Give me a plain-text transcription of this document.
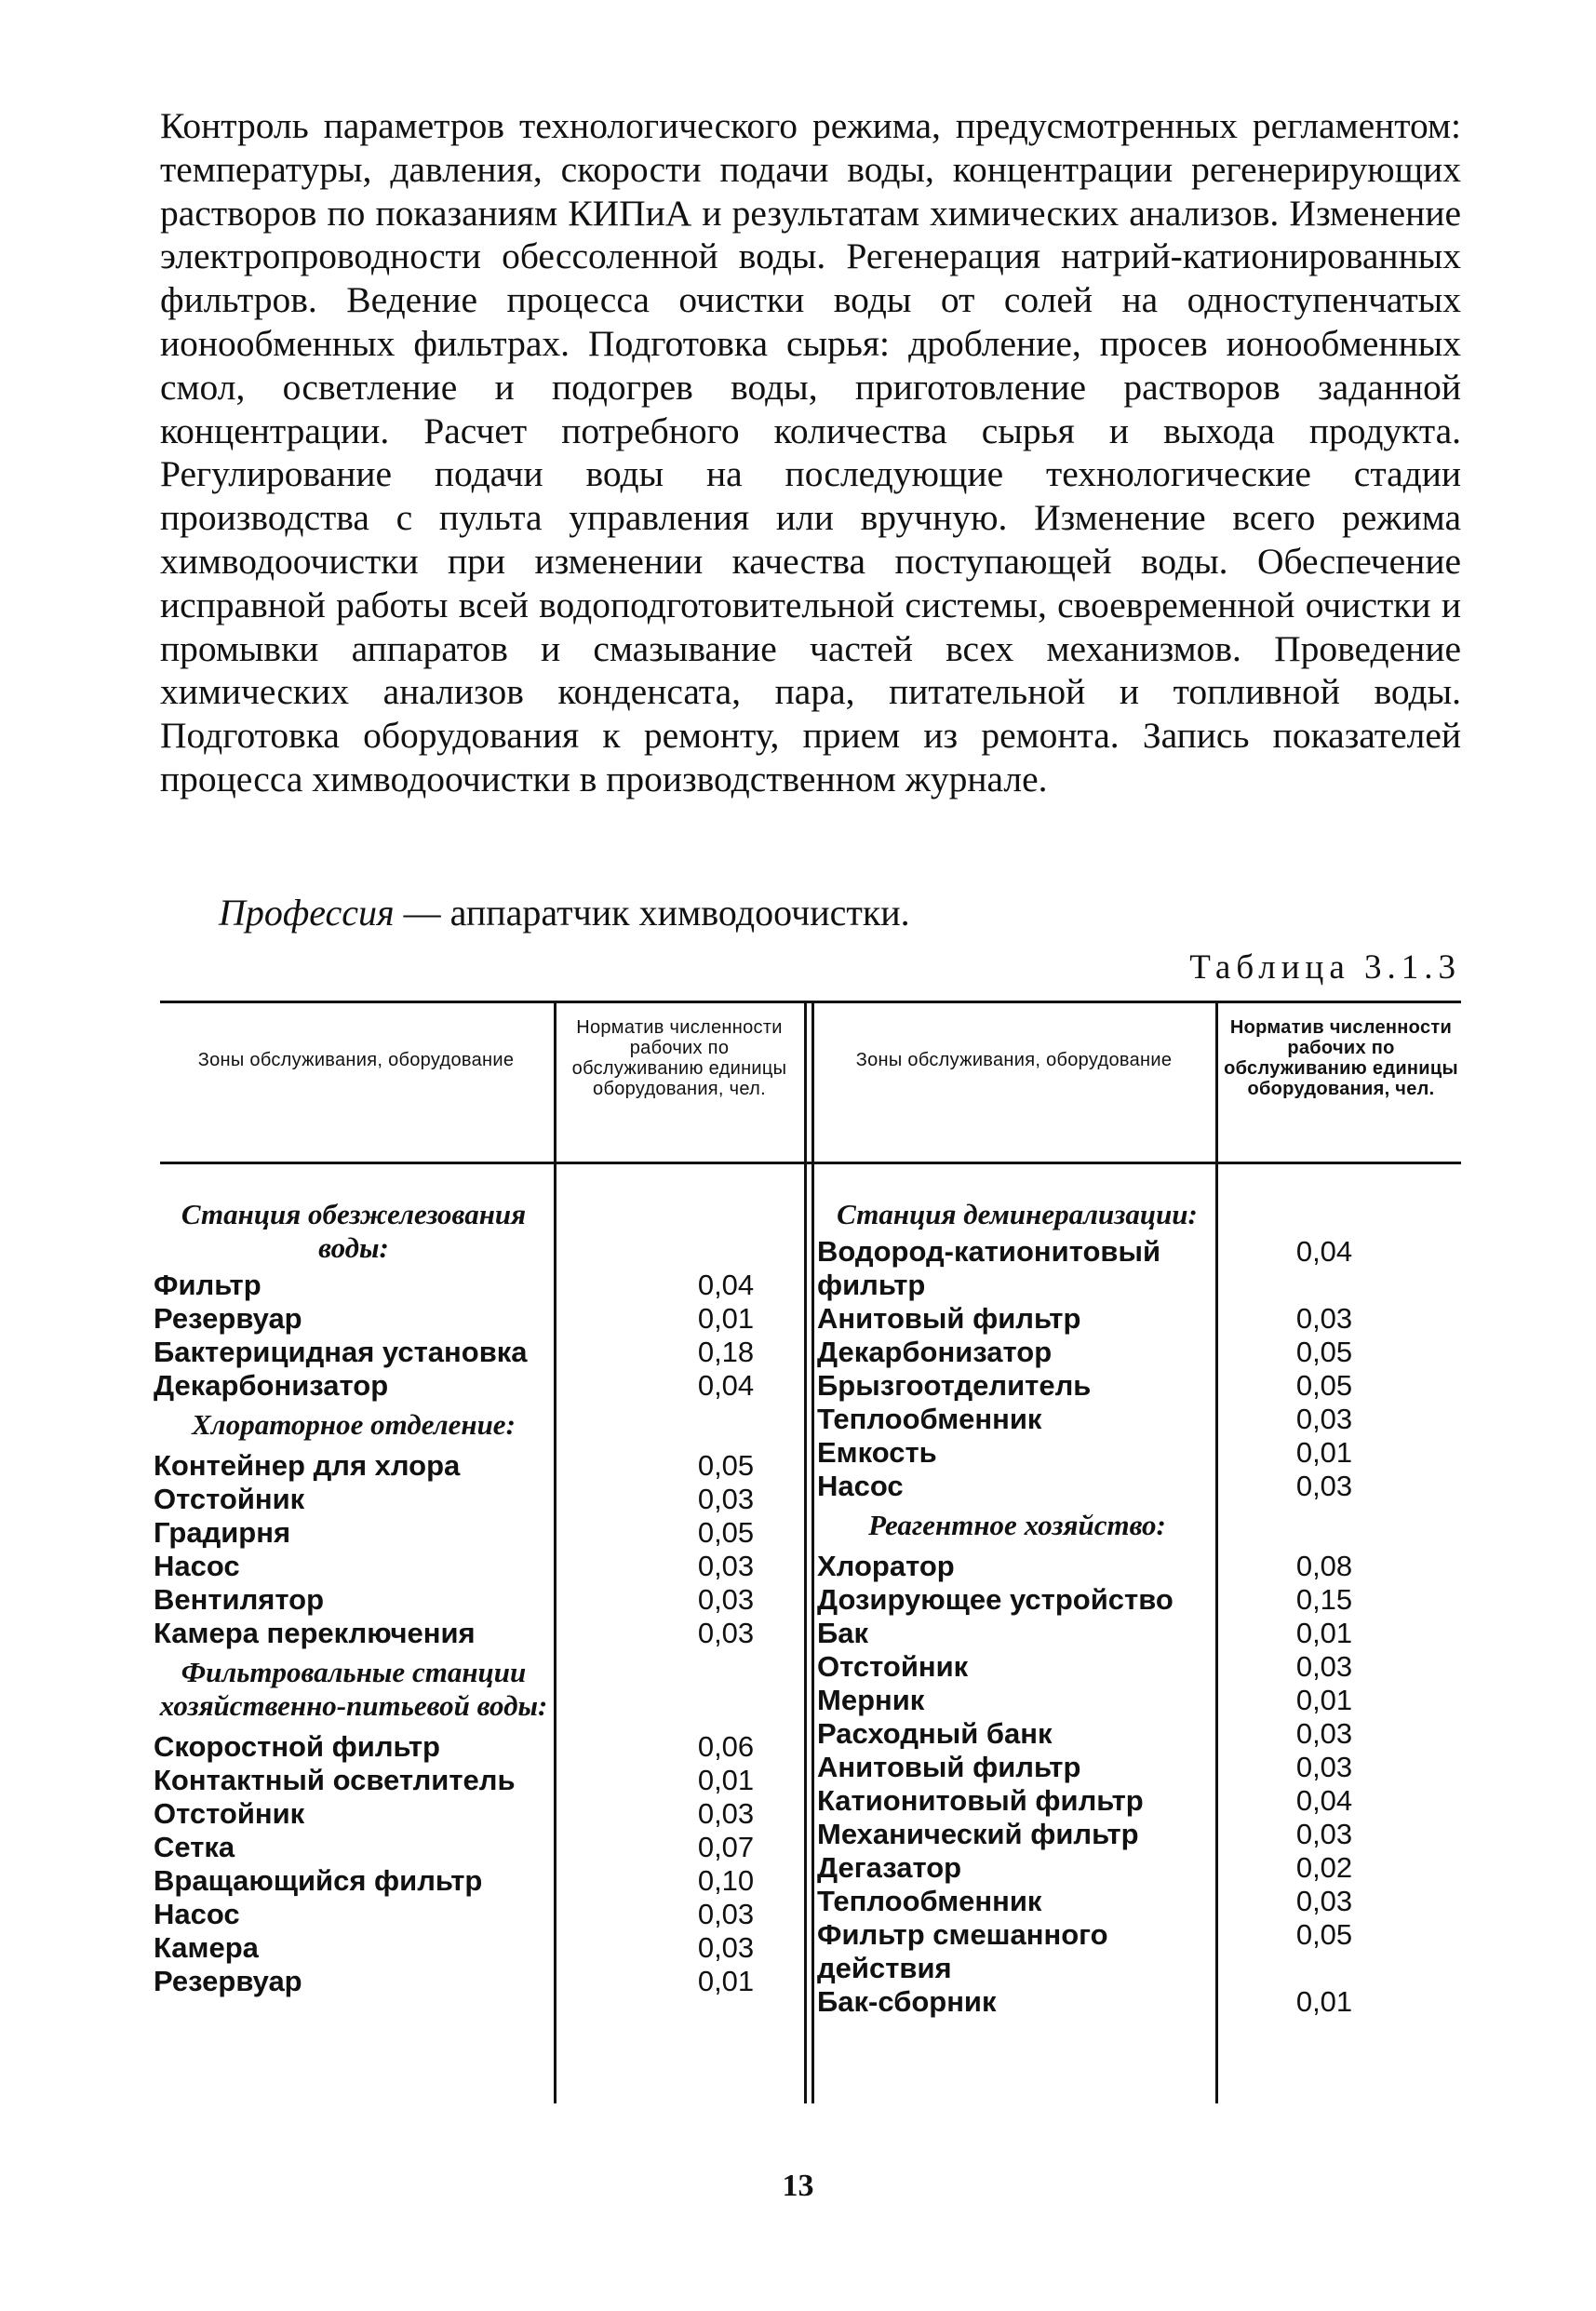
Контроль параметров технологического режима, предусмотренных регламентом: температуры, давления, скорости подачи воды, концентрации регенерирующих растворов по показаниям КИПиА и результатам химических анализов. Изменение электропроводности обессоленной воды. Регенерация натрий-катионированных фильтров. Ведение процесса очистки воды от солей на одноступенчатых ионообменных фильтрах. Подготовка сырья: дробление, просев ионообменных смол, осветление и подогрев воды, приготовление растворов заданной концентрации. Расчет потребного количества сырья и выхода продукта. Регулирование подачи воды на последующие технологические стадии производства с пульта управления или вручную. Изменение всего режима химводоочистки при изменении качества поступающей воды. Обеспечение исправной работы всей водоподготовительной системы, своевременной очистки и промывки аппаратов и смазывание частей всех механизмов. Проведение химических анализов конденсата, пара, питательной и топливной воды. Подготовка оборудования к ремонту, прием из ремонта. Запись показателей процесса химводоочистки в производственном журнале.
Профессия — аппаратчик химводоочистки.
Таблица 3.1.3
Зоны обслуживания, оборудование
Норматив численности рабочих по обслуживанию единицы оборудования, чел.
Зоны обслуживания, оборудование
Норматив численности рабочих по обслуживанию единицы оборудования, чел.
Станция обезжелезования воды:
Фильтр	0,04
Резервуар	0,01
Бактерицидная установка	0,18
Декарбонизатор	0,04
Хлораторное отделение:
Контейнер для хлора	0,05
Отстойник	0,03
Градирня	0,05
Насос	0,03
Вентилятор	0,03
Камера переключения	0,03
Фильтровальные станции хозяйственно-питьевой воды:
Скоростной фильтр	0,06
Контактный осветлитель	0,01
Отстойник	0,03
Сетка	0,07
Вращающийся фильтр	0,10
Насос	0,03
Камера	0,03
Резервуар	0,01
Станция деминерализации:
Водород-катионитовый фильтр
0,04
Анитовый фильтр	0,03
Декарбонизатор	0,05
Брызгоотделитель	0,05
Теплообменник	0,03
Емкость	0,01
Насос	0,03
Реагентное хозяйство:
Хлоратор	0,08
Дозирующее устройство	0,15
Бак	0,01
Отстойник	0,03
Мерник	0,01
Расходный банк	0,03
Анитовый фильтр	0,03
Катионитовый фильтр	0,04
Механический фильтр	0,03
Дегазатор	0,02
Теплообменник	0,03
Фильтр смешанного действия
0,05
Бак-сборник	0,01
13
